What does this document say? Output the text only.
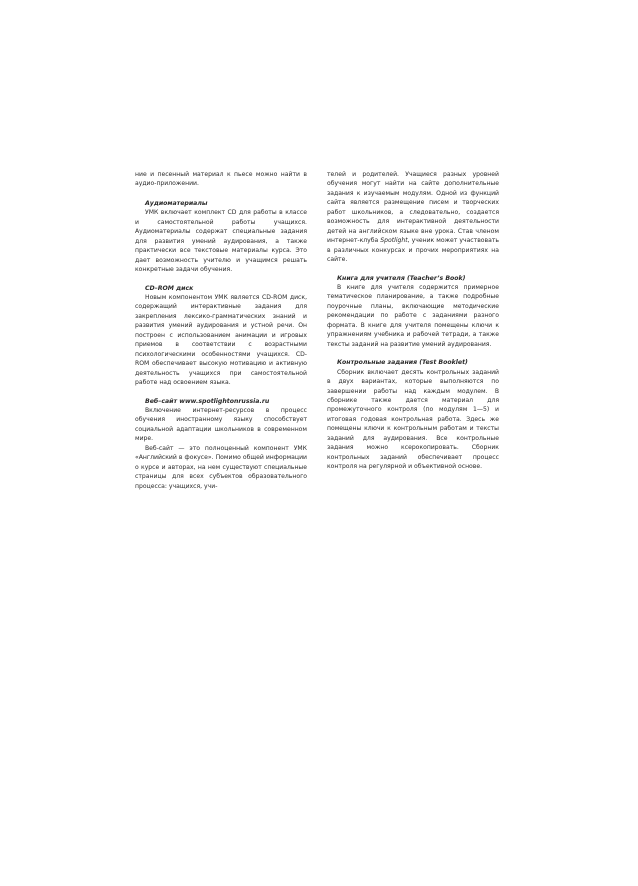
ние и песенный материал к пьесе можно найти в аудио-приложении.

Аудиоматериалы

УМК включает комплект CD для работы в классе и самостоятельной работы учащихся. Аудиоматериалы содержат специальные задания для развития умений аудирования, а также практически все текстовые материалы курса. Это дает возможность учителю и учащимся решать конкретные задачи обучения.

CD–ROM диск

Новым компонентом УМК является CD-ROM диск, содержащий интерактивные задания для закрепления лексико-грамматических знаний и развития умений аудирования и устной речи. Он построен с использованием анимации и игровых приемов в соответствии с возрастными психологическими особенностями учащихся. CD-ROM обеспечивает высокую мотивацию и активную деятельность учащихся при самостоятельной работе над освоением языка.

Веб–сайт www.spotlightonrussia.ru

Включение интернет-ресурсов в процесс обучения иностранному языку способствует социальной адаптации школьников в современном мире.

Веб-сайт — это полноценный компонент УМК «Английский в фокусе». Помимо общей информации о курсе и авторах, на нем существуют специальные страницы для всех субъектов образовательного процесса: учащихся, учи-

телей и родителей. Учащиеся разных уровней обучения могут найти на сайте дополнительные задания к изучаемым модулям. Одной из функций сайта является размещение писем и творческих работ школьников, а следовательно, создается возможность для интерактивной деятельности детей на английском языке вне урока. Став членом интернет-клуба Spotlight, ученик может участвовать в различных конкурсах и прочих мероприятиях на сайте.

Книга для учителя (Teacher’s Book)

В книге для учителя содержится примерное тематическое планирование, а также подробные поурочные планы, включающие методические рекомендации по работе с заданиями разного формата. В книге для учителя помещены ключи к упражнениям учебника и рабочей тетради, а также тексты заданий на развитие умений аудирования.

Контрольные задания (Test Booklet)

Сборник включает десять контрольных заданий в двух вариантах, которые выполняются по завершении работы над каждым модулем. В сборнике также дается материал для промежуточного контроля (по модулям 1—5) и итоговая годовая контрольная работа. Здесь же помещены ключи к контрольным работам и тексты заданий для аудирования. Все контрольные задания можно ксерокопировать. Сборник контрольных заданий обеспечивает процесс контроля на регулярной и объективной основе.
